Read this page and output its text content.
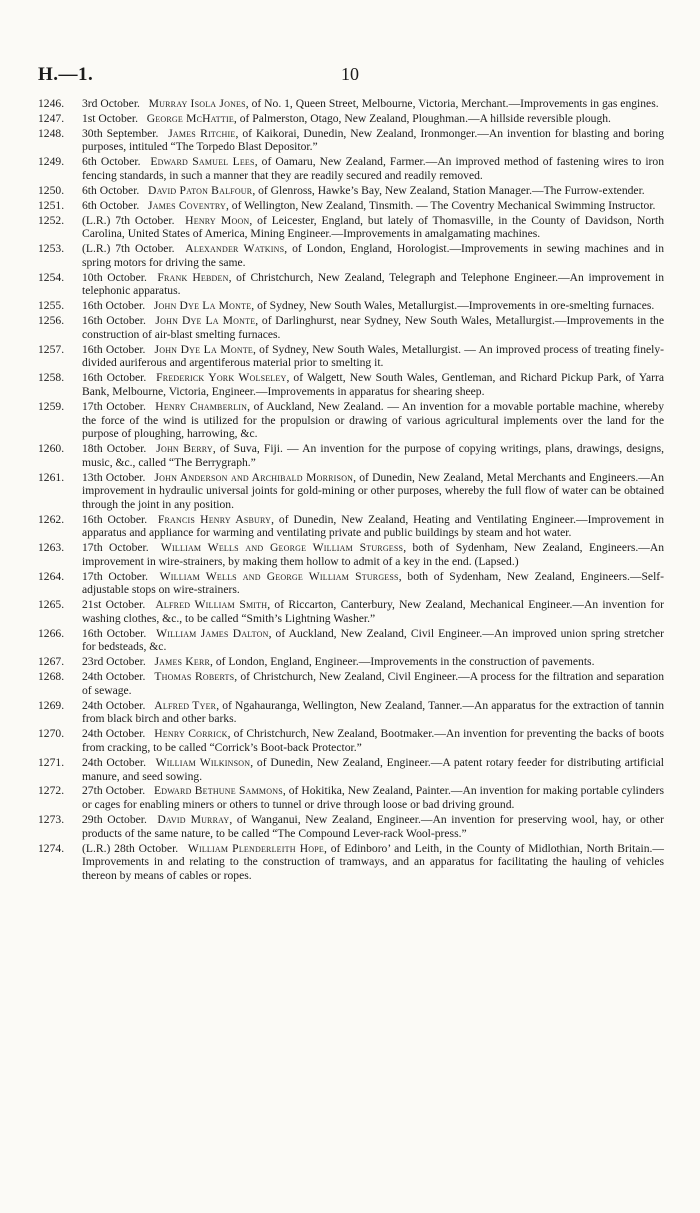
H.—1.	10
1246.	3rd October.  Murray Isola Jones, of No. 1, Queen Street, Melbourne, Victoria, Merchant.—Improvements in gas engines.
1247.	1st October.  George McHattie, of Palmerston, Otago, New Zealand, Ploughman.—A hillside reversible plough.
1248.	30th September.  James Ritchie, of Kaikorai, Dunedin, New Zealand, Ironmonger.—An invention for blasting and boring purposes, intituled “The Torpedo Blast Depositor.”
1249.	6th October.  Edward Samuel Lees, of Oamaru, New Zealand, Farmer.—An improved method of fastening wires to iron fencing standards, in such a manner that they are readily secured and readily removed.
1250.	6th October.  David Paton Balfour, of Glenross, Hawke’s Bay, New Zealand, Station Manager.—The Furrow-extender.
1251.	6th October.  James Coventry, of Wellington, New Zealand, Tinsmith. — The Coventry Mechanical Swimming Instructor.
1252.	(L.R.) 7th October.  Henry Moon, of Leicester, England, but lately of Thomasville, in the County of Davidson, North Carolina, United States of America, Mining Engineer.—Improvements in amalgamating machines.
1253.	(L.R.) 7th October.  Alexander Watkins, of London, England, Horologist.—Improvements in sewing machines and in spring motors for driving the same.
1254.	10th October.  Frank Hebden, of Christchurch, New Zealand, Telegraph and Telephone Engineer.—An improvement in telephonic apparatus.
1255.	16th October.  John Dye La Monte, of Sydney, New South Wales, Metallurgist.—Improvements in ore-smelting furnaces.
1256.	16th October.  John Dye La Monte, of Darlinghurst, near Sydney, New South Wales, Metallurgist.—Improvements in the construction of air-blast smelting furnaces.
1257.	16th October.  John Dye La Monte, of Sydney, New South Wales, Metallurgist. — An improved process of treating finely-divided auriferous and argentiferous material prior to smelting it.
1258.	16th October.  Frederick York Wolseley, of Walgett, New South Wales, Gentleman, and Richard Pickup Park, of Yarra Bank, Melbourne, Victoria, Engineer.—Improvements in apparatus for shearing sheep.
1259.	17th October.  Henry Chamberlin, of Auckland, New Zealand. — An invention for a movable portable machine, whereby the force of the wind is utilized for the propulsion or drawing of various agricultural implements over the land for the purpose of ploughing, harrowing, &c.
1260.	18th October.  John Berry, of Suva, Fiji. — An invention for the purpose of copying writings, plans, drawings, designs, music, &c., called “The Berrygraph.”
1261.	13th October.  John Anderson and Archibald Morrison, of Dunedin, New Zealand, Metal Merchants and Engineers.—An improvement in hydraulic universal joints for gold-mining or other purposes, whereby the full flow of water can be obtained through the joint in any position.
1262.	16th October.  Francis Henry Asbury, of Dunedin, New Zealand, Heating and Ventilating Engineer.—Improvement in apparatus and appliance for warming and ventilating private and public buildings by steam and hot water.
1263.	17th October.  William Wells and George William Sturgess, both of Sydenham, New Zealand, Engineers.—An improvement in wire-strainers, by making them hollow to admit of a key in the end. (Lapsed.)
1264.	17th October.  William Wells and George William Sturgess, both of Sydenham, New Zealand, Engineers.—Self-adjustable stops on wire-strainers.
1265.	21st October.  Alfred William Smith, of Riccarton, Canterbury, New Zealand, Mechanical Engineer.—An invention for washing clothes, &c., to be called “Smith’s Lightning Washer.”
1266.	16th October.  William James Dalton, of Auckland, New Zealand, Civil Engineer.—An improved union spring stretcher for bedsteads, &c.
1267.	23rd October.  James Kerr, of London, England, Engineer.—Improvements in the construction of pavements.
1268.	24th October.  Thomas Roberts, of Christchurch, New Zealand, Civil Engineer.—A process for the filtration and separation of sewage.
1269.	24th October.  Alfred Tyer, of Ngahauranga, Wellington, New Zealand, Tanner.—An apparatus for the extraction of tannin from black birch and other barks.
1270.	24th October.  Henry Corrick, of Christchurch, New Zealand, Bootmaker.—An invention for preventing the backs of boots from cracking, to be called “Corrick’s Boot-back Protector.”
1271.	24th October.  William Wilkinson, of Dunedin, New Zealand, Engineer.—A patent rotary feeder for distributing artificial manure, and seed sowing.
1272.	27th October.  Edward Bethune Sammons, of Hokitika, New Zealand, Painter.—An invention for making portable cylinders or cages for enabling miners or others to tunnel or drive through loose or bad driving ground.
1273.	29th October.  David Murray, of Wanganui, New Zealand, Engineer.—An invention for preserving wool, hay, or other products of the same nature, to be called “The Compound Lever-rack Wool-press.”
1274.	(L.R.) 28th October.  William Plenderleith Hope, of Edinboro’ and Leith, in the County of Midlothian, North Britain.—Improvements in and relating to the construction of tramways, and an apparatus for facilitating the hauling of vehicles thereon by means of cables or ropes.
